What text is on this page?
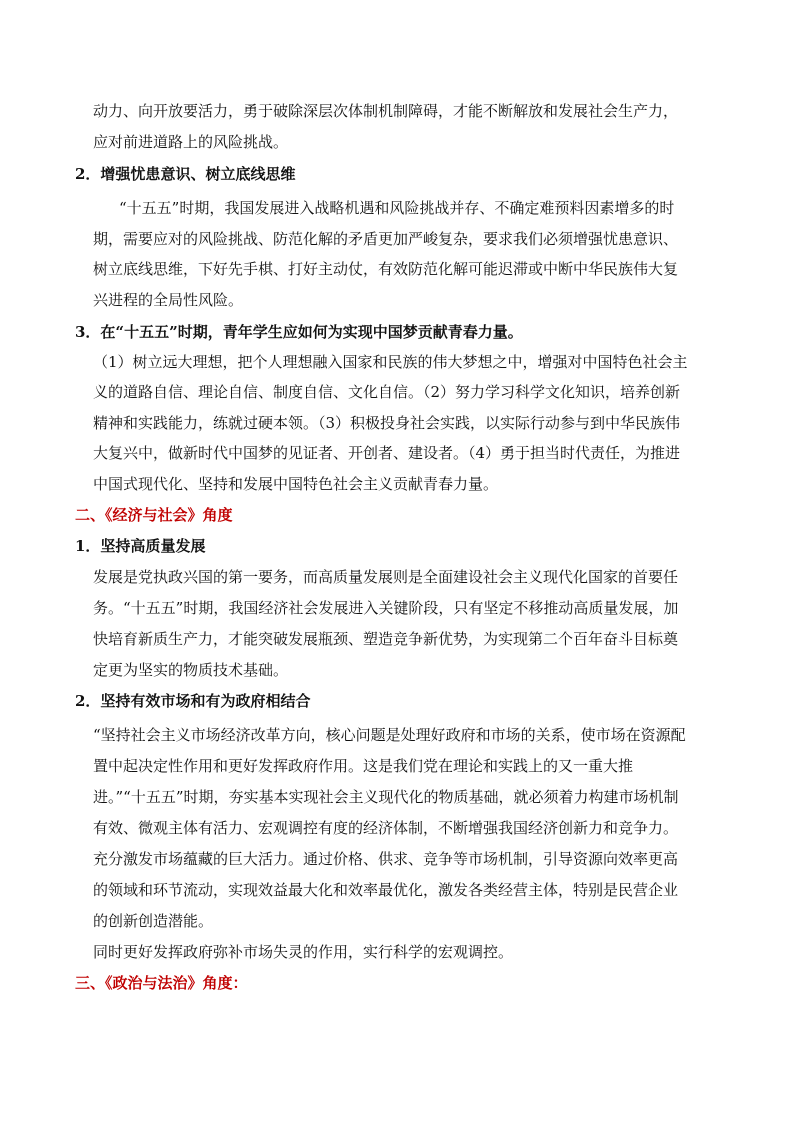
动力、向开放要活力，勇于破除深层次体制机制障碍，才能不断解放和发展社会生产力，
应对前进道路上的风险挑战。
2．增强忧患意识、树立底线思维
“十五五”时期，我国发展进入战略机遇和风险挑战并存、不确定难预料因素增多的时
期，需要应对的风险挑战、防范化解的矛盾更加严峻复杂，要求我们必须增强忧患意识、
树立底线思维，下好先手棋、打好主动仗，有效防范化解可能迟滞或中断中华民族伟大复
兴进程的全局性风险。
3．在“十五五”时期，青年学生应如何为实现中国梦贡献青春力量。
（1）树立远大理想，把个人理想融入国家和民族的伟大梦想之中，增强对中国特色社会主
义的道路自信、理论自信、制度自信、文化自信。（2）努力学习科学文化知识，培养创新
精神和实践能力，练就过硬本领。（3）积极投身社会实践，以实际行动参与到中华民族伟
大复兴中，做新时代中国梦的见证者、开创者、建设者。（4）勇于担当时代责任，为推进
中国式现代化、坚持和发展中国特色社会主义贡献青春力量。
二、《经济与社会》角度
1．坚持高质量发展
发展是党执政兴国的第一要务，而高质量发展则是全面建设社会主义现代化国家的首要任
务。“十五五”时期，我国经济社会发展进入关键阶段，只有坚定不移推动高质量发展，加
快培育新质生产力，才能突破发展瓶颈、塑造竞争新优势，为实现第二个百年奋斗目标奠
定更为坚实的物质技术基础。
2．坚持有效市场和有为政府相结合
“坚持社会主义市场经济改革方向，核心问题是处理好政府和市场的关系，使市场在资源配
置中起决定性作用和更好发挥政府作用。这是我们党在理论和实践上的又一重大推
进。”“十五五”时期，夯实基本实现社会主义现代化的物质基础，就必须着力构建市场机制
有效、微观主体有活力、宏观调控有度的经济体制，不断增强我国经济创新力和竞争力。
充分激发市场蕴藏的巨大活力。通过价格、供求、竞争等市场机制，引导资源向效率更高
的领域和环节流动，实现效益最大化和效率最优化，激发各类经营主体，特别是民营企业
的创新创造潜能。
同时更好发挥政府弥补市场失灵的作用，实行科学的宏观调控。
三、《政治与法治》角度：
